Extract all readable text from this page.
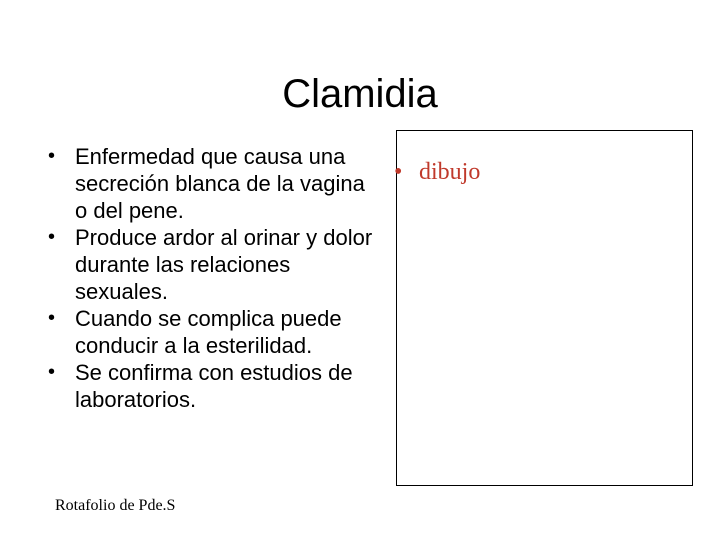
Clamidia
• Enfermedad que causa una secreción blanca de la vagina o del pene.
• Produce ardor al orinar y dolor durante las relaciones sexuales.
• Cuando se complica puede conducir a la esterilidad.
• Se confirma con estudios de laboratorios.
• dibujo
Rotafolio de Pde.S
